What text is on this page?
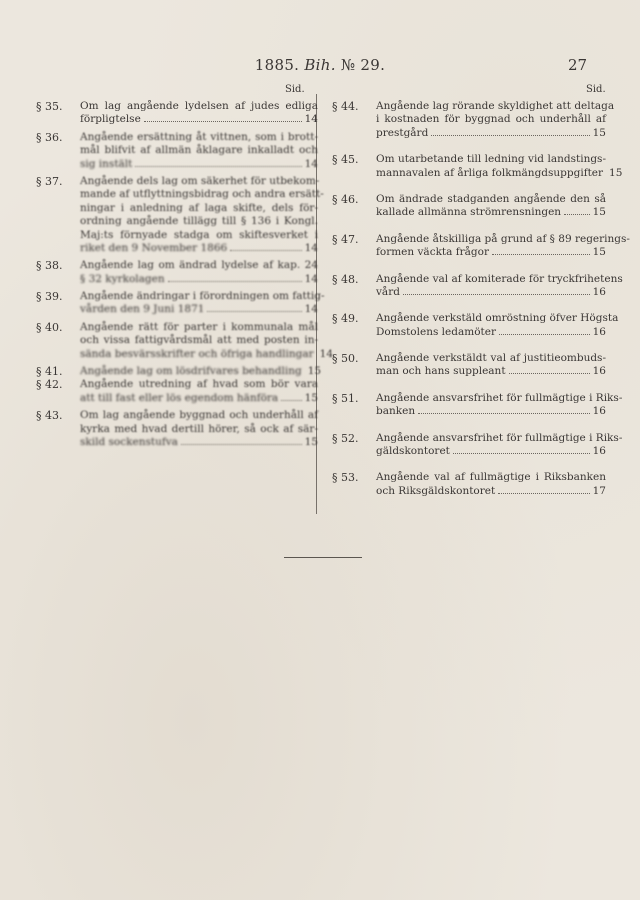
1885. Bih. № 29.	27
Sid.	Sid.
§ 35. Om lag angående lydelsen af judes edliga
förpligtelse	14
§ 36. Angående ersättning åt vittnen, som i brott-
mål blifvit af allmän åklagare inkalladt och
sig instält	14
§ 37. Angående dels lag om säkerhet för utbekom-
mande af utflyttningsbidrag och andra ersätt-
ningar i anledning af laga skifte, dels för-
ordning angående tillägg till § 136 i Kongl.
Maj:ts förnyade stadga om skiftesverket i
riket den 9 November 1866	14
§ 38. Angående lag om ändrad lydelse af kap. 24
§ 32 kyrkolagen	14
§ 39. Angående ändringar i förordningen om fattig-
vården den 9 Juni 1871	14
§ 40. Angående rätt för parter i kommunala mål
och vissa fattigvårdsmål att med posten in-
sända besvärsskrifter och öfriga handlingar 14
§ 41. Angående lag om lösdrifvares behandling 15
§ 42. Angående utredning af hvad som bör vara
att till fast eller lös egendom hänföra	15
§ 43. Om lag angående byggnad och underhåll af
kyrka med hvad dertill hörer, så ock af sär-
skild sockenstufva	15
§ 44. Angående lag rörande skyldighet att deltaga
i kostnaden för byggnad och underhåll af
prestgård	15
§ 45. Om utarbetande till ledning vid landstings-
mannavalen af årliga folkmängdsuppgifter 15
§ 46. Om ändrade stadganden angående den så
kallade allmänna strömrensningen	15
§ 47. Angående åtskilliga på grund af § 89 regerings-
formen väckta frågor	15
§ 48. Angående val af komiterade för tryckfrihetens
vård	16
§ 49. Angående verkstäld omröstning öfver Högsta
Domstolens ledamöter	16
§ 50. Angående verkstäldt val af justitieombuds-
man och hans suppleant	16
§ 51. Angående ansvarsfrihet för fullmägtige i Riks-
banken	16
§ 52. Angående ansvarsfrihet för fullmägtige i Riks-
gäldskontoret	16
§ 53. Angående val af fullmägtige i Riksbanken
och Riksgäldskontoret	17
